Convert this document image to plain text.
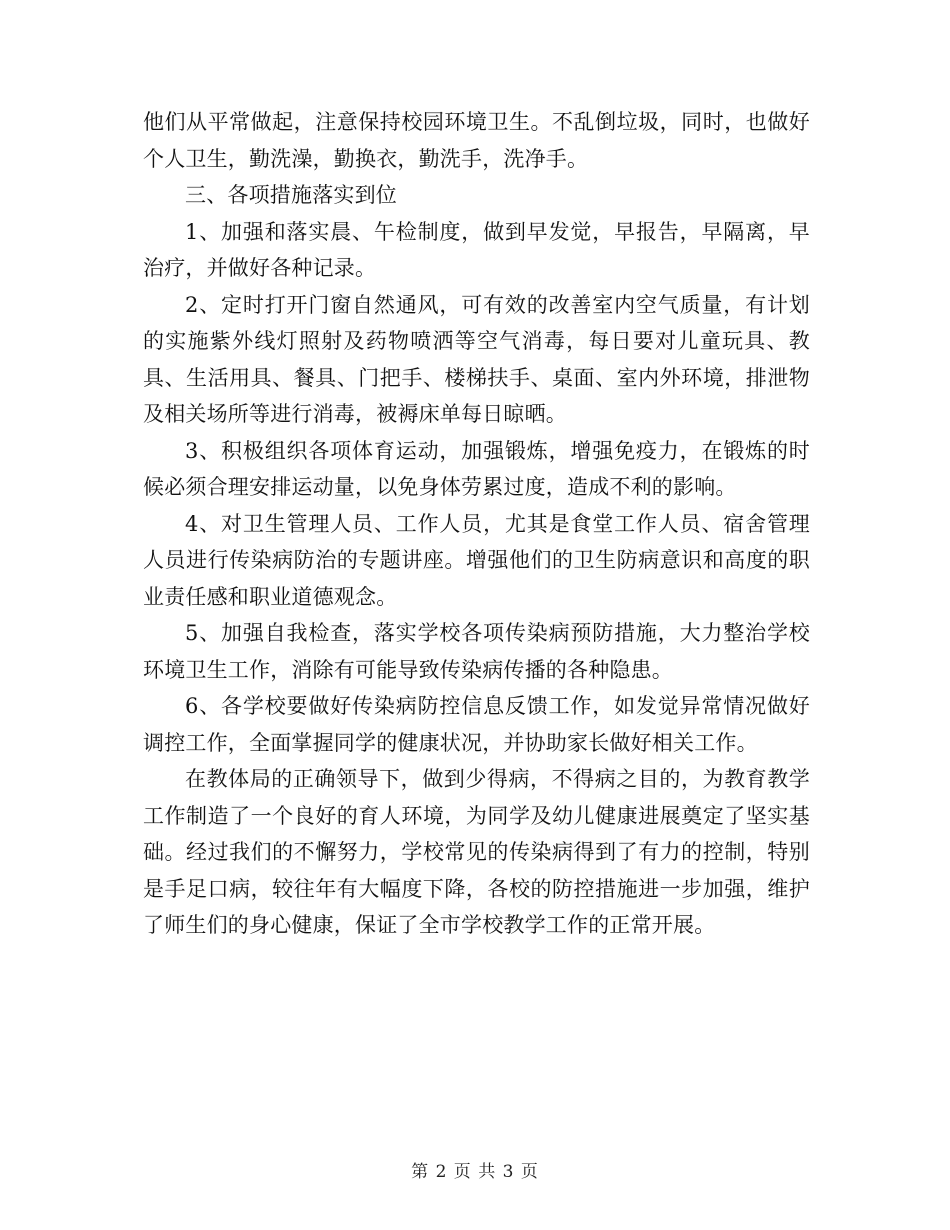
他们从平常做起，注意保持校园环境卫生。不乱倒垃圾，同时，也做好个人卫生，勤洗澡，勤换衣，勤洗手，洗净手。

三、各项措施落实到位

1、加强和落实晨、午检制度，做到早发觉，早报告，早隔离，早治疗，并做好各种记录。

2、定时打开门窗自然通风，可有效的改善室内空气质量，有计划的实施紫外线灯照射及药物喷洒等空气消毒，每日要对儿童玩具、教具、生活用具、餐具、门把手、楼梯扶手、桌面、室内外环境，排泄物及相关场所等进行消毒，被褥床单每日晾晒。

3、积极组织各项体育运动，加强锻炼，增强免疫力，在锻炼的时候必须合理安排运动量，以免身体劳累过度，造成不利的影响。

4、对卫生管理人员、工作人员，尤其是食堂工作人员、宿舍管理人员进行传染病防治的专题讲座。增强他们的卫生防病意识和高度的职业责任感和职业道德观念。

5、加强自我检查，落实学校各项传染病预防措施，大力整治学校环境卫生工作，消除有可能导致传染病传播的各种隐患。

6、各学校要做好传染病防控信息反馈工作，如发觉异常情况做好调控工作，全面掌握同学的健康状况，并协助家长做好相关工作。

在教体局的正确领导下，做到少得病，不得病之目的，为教育教学工作制造了一个良好的育人环境，为同学及幼儿健康进展奠定了坚实基础。经过我们的不懈努力，学校常见的传染病得到了有力的控制，特别是手足口病，较往年有大幅度下降，各校的防控措施进一步加强，维护了师生们的身心健康，保证了全市学校教学工作的正常开展。

第 2 页 共 3 页
